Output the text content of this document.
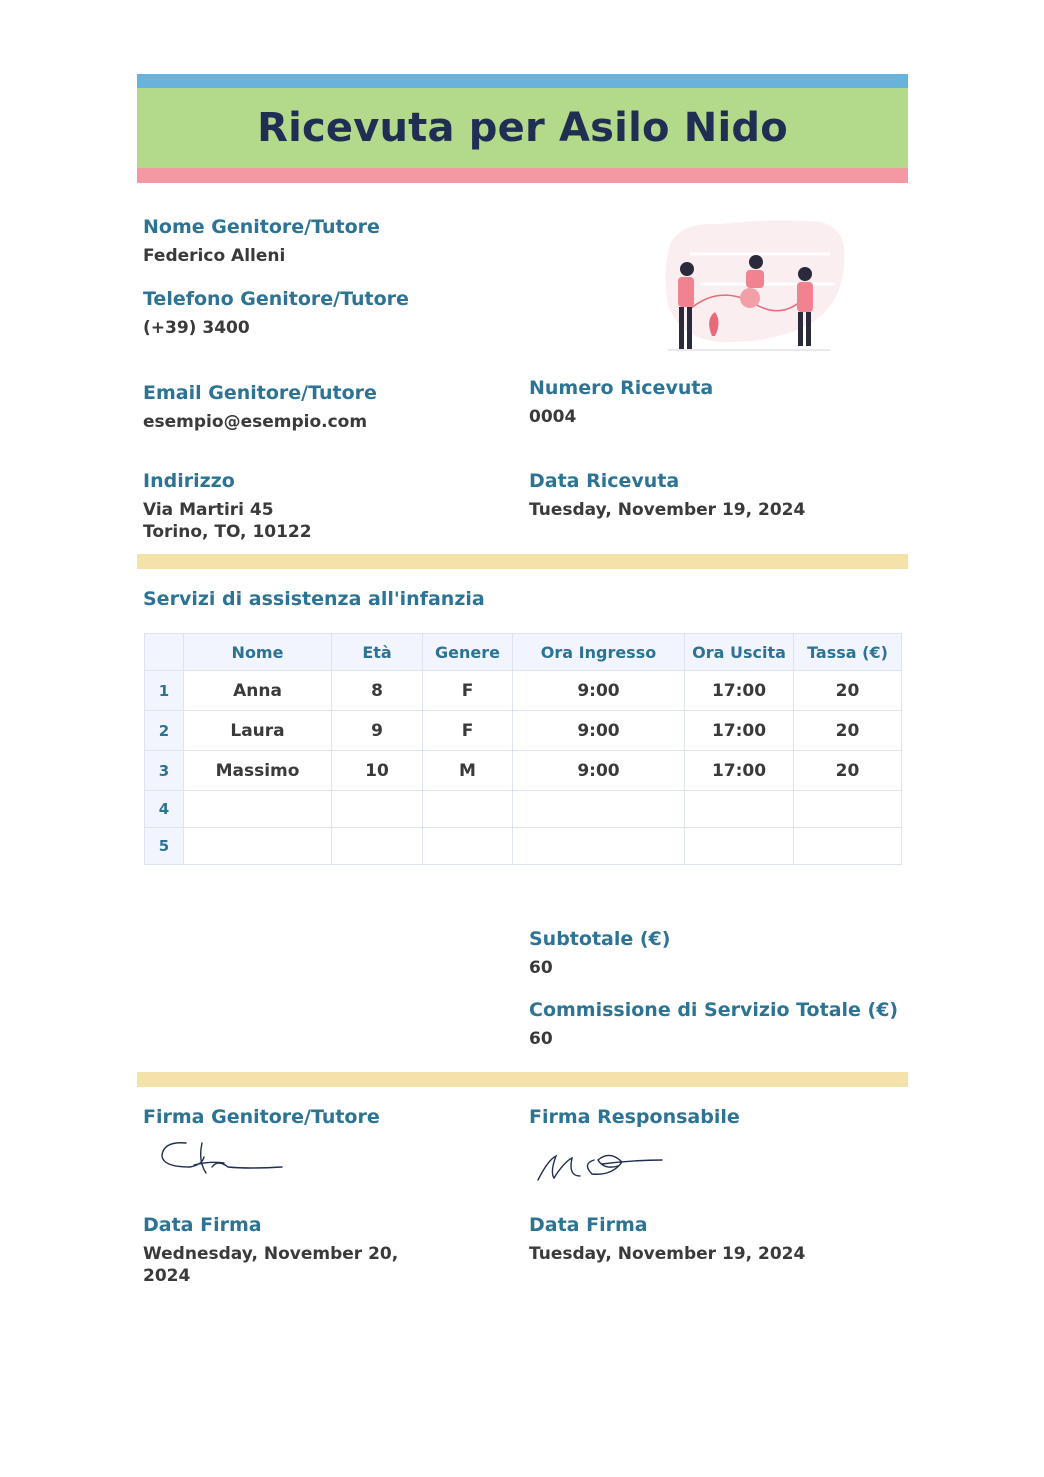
Ricevuta per Asilo Nido
Nome Genitore/Tutore
Federico Alleni
Telefono Genitore/Tutore
(+39) 3400
Email Genitore/Tutore
esempio@esempio.com
Indirizzo
Via Martiri 45
Torino, TO, 10122
Numero Ricevuta
0004
Data Ricevuta
Tuesday, November 19, 2024
Servizi di assistenza all'infanzia
	Nome	Età	Genere	Ora Ingresso	Ora Uscita	Tassa (€)
1	Anna	8	F	9:00	17:00	20
2	Laura	9	F	9:00	17:00	20
3	Massimo	10	M	9:00	17:00	20
4						
5						
Subtotale (€)
60
Commissione di Servizio Totale (€)
60
Firma Genitore/Tutore	Firma Responsabile
Data Firma
Wednesday, November 20, 2024
Data Firma
Tuesday, November 19, 2024
